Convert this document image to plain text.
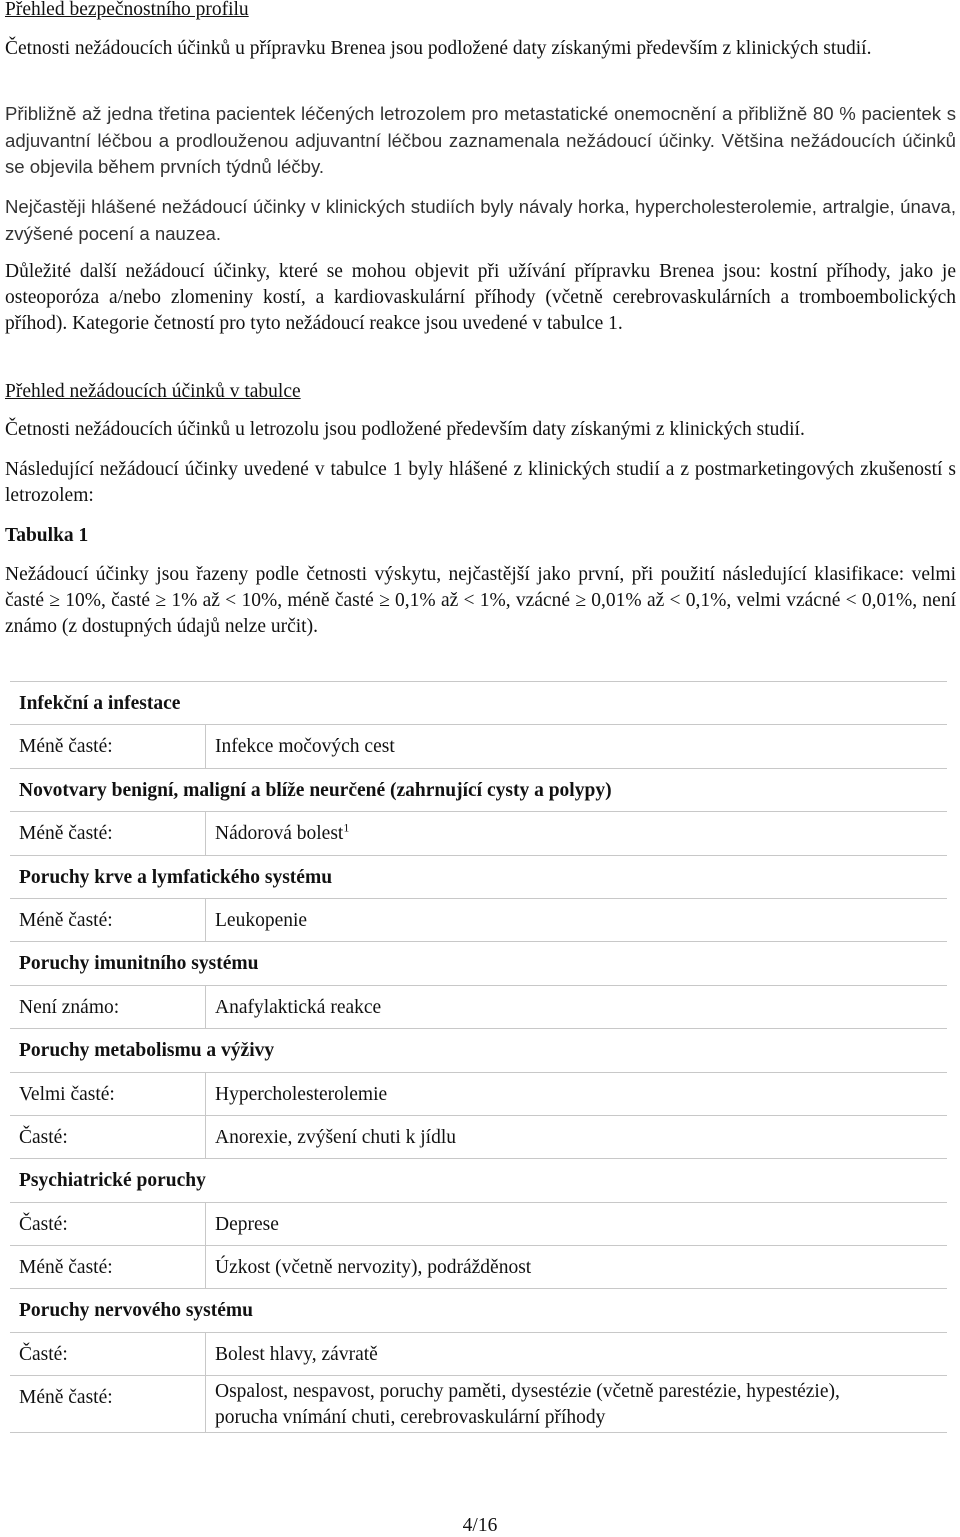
Přehled bezpečnostního profilu
Četnosti nežádoucích účinků u přípravku Brenea jsou podložené daty získanými především z klinických studií.
Přibližně až jedna třetina pacientek léčených letrozolem pro metastatické onemocnění a přibližně 80 % pacientek s adjuvantní léčbou a prodlouženou adjuvantní léčbou zaznamenala nežádoucí účinky. Většina nežádoucích účinků se objevila během prvních týdnů léčby.
Nejčastěji hlášené nežádoucí účinky v klinických studiích byly návaly horka, hypercholesterolemie, artralgie, únava, zvýšené pocení a nauzea.
Důležité další nežádoucí účinky, které se mohou objevit při užívání přípravku Brenea jsou: kostní příhody, jako je osteoporóza a/nebo zlomeniny kostí, a kardiovaskulární příhody (včetně cerebrovaskulárních a tromboembolických příhod). Kategorie četností pro tyto nežádoucí reakce jsou uvedené v tabulce 1.
Přehled nežádoucích účinků v tabulce
Četnosti nežádoucích účinků u letrozolu jsou podložené především daty získanými z klinických studií.
Následující nežádoucí účinky uvedené v tabulce 1 byly hlášené z klinických studií a z postmarketingových zkušeností s letrozolem:
Tabulka 1
Nežádoucí účinky jsou řazeny podle četnosti výskytu, nejčastější jako první, při použití následující klasifikace: velmi časté ≥ 10%, časté ≥ 1% až < 10%, méně časté ≥ 0,1% až < 1%, vzácné ≥ 0,01% až < 0,1%, velmi vzácné < 0,01%, není známo (z dostupných údajů nelze určit).
Infekční a infestace
Méně časté:	Infekce močových cest
Novotvary benigní, maligní a blíže neurčené (zahrnující cysty a polypy)
Méně časté:	Nádorová bolest$^1$
Poruchy krve a lymfatického systému
Méně časté:	Leukopenie
Poruchy imunitního systému
Není známo:	Anafylaktická reakce
Poruchy metabolismu a výživy
Velmi časté:	Hypercholesterolemie
Časté:	Anorexie, zvýšení chuti k jídlu
Psychiatrické poruchy
Časté:	Deprese
Méně časté:	Úzkost (včetně nervozity), podrážděnost
Poruchy nervového systému
Časté:	Bolest hlavy, závratě
Méně časté:	Ospalost, nespavost, poruchy paměti, dysestézie (včetně parestézie, hypestézie), porucha vnímání chuti, cerebrovaskulární příhody
4/16
